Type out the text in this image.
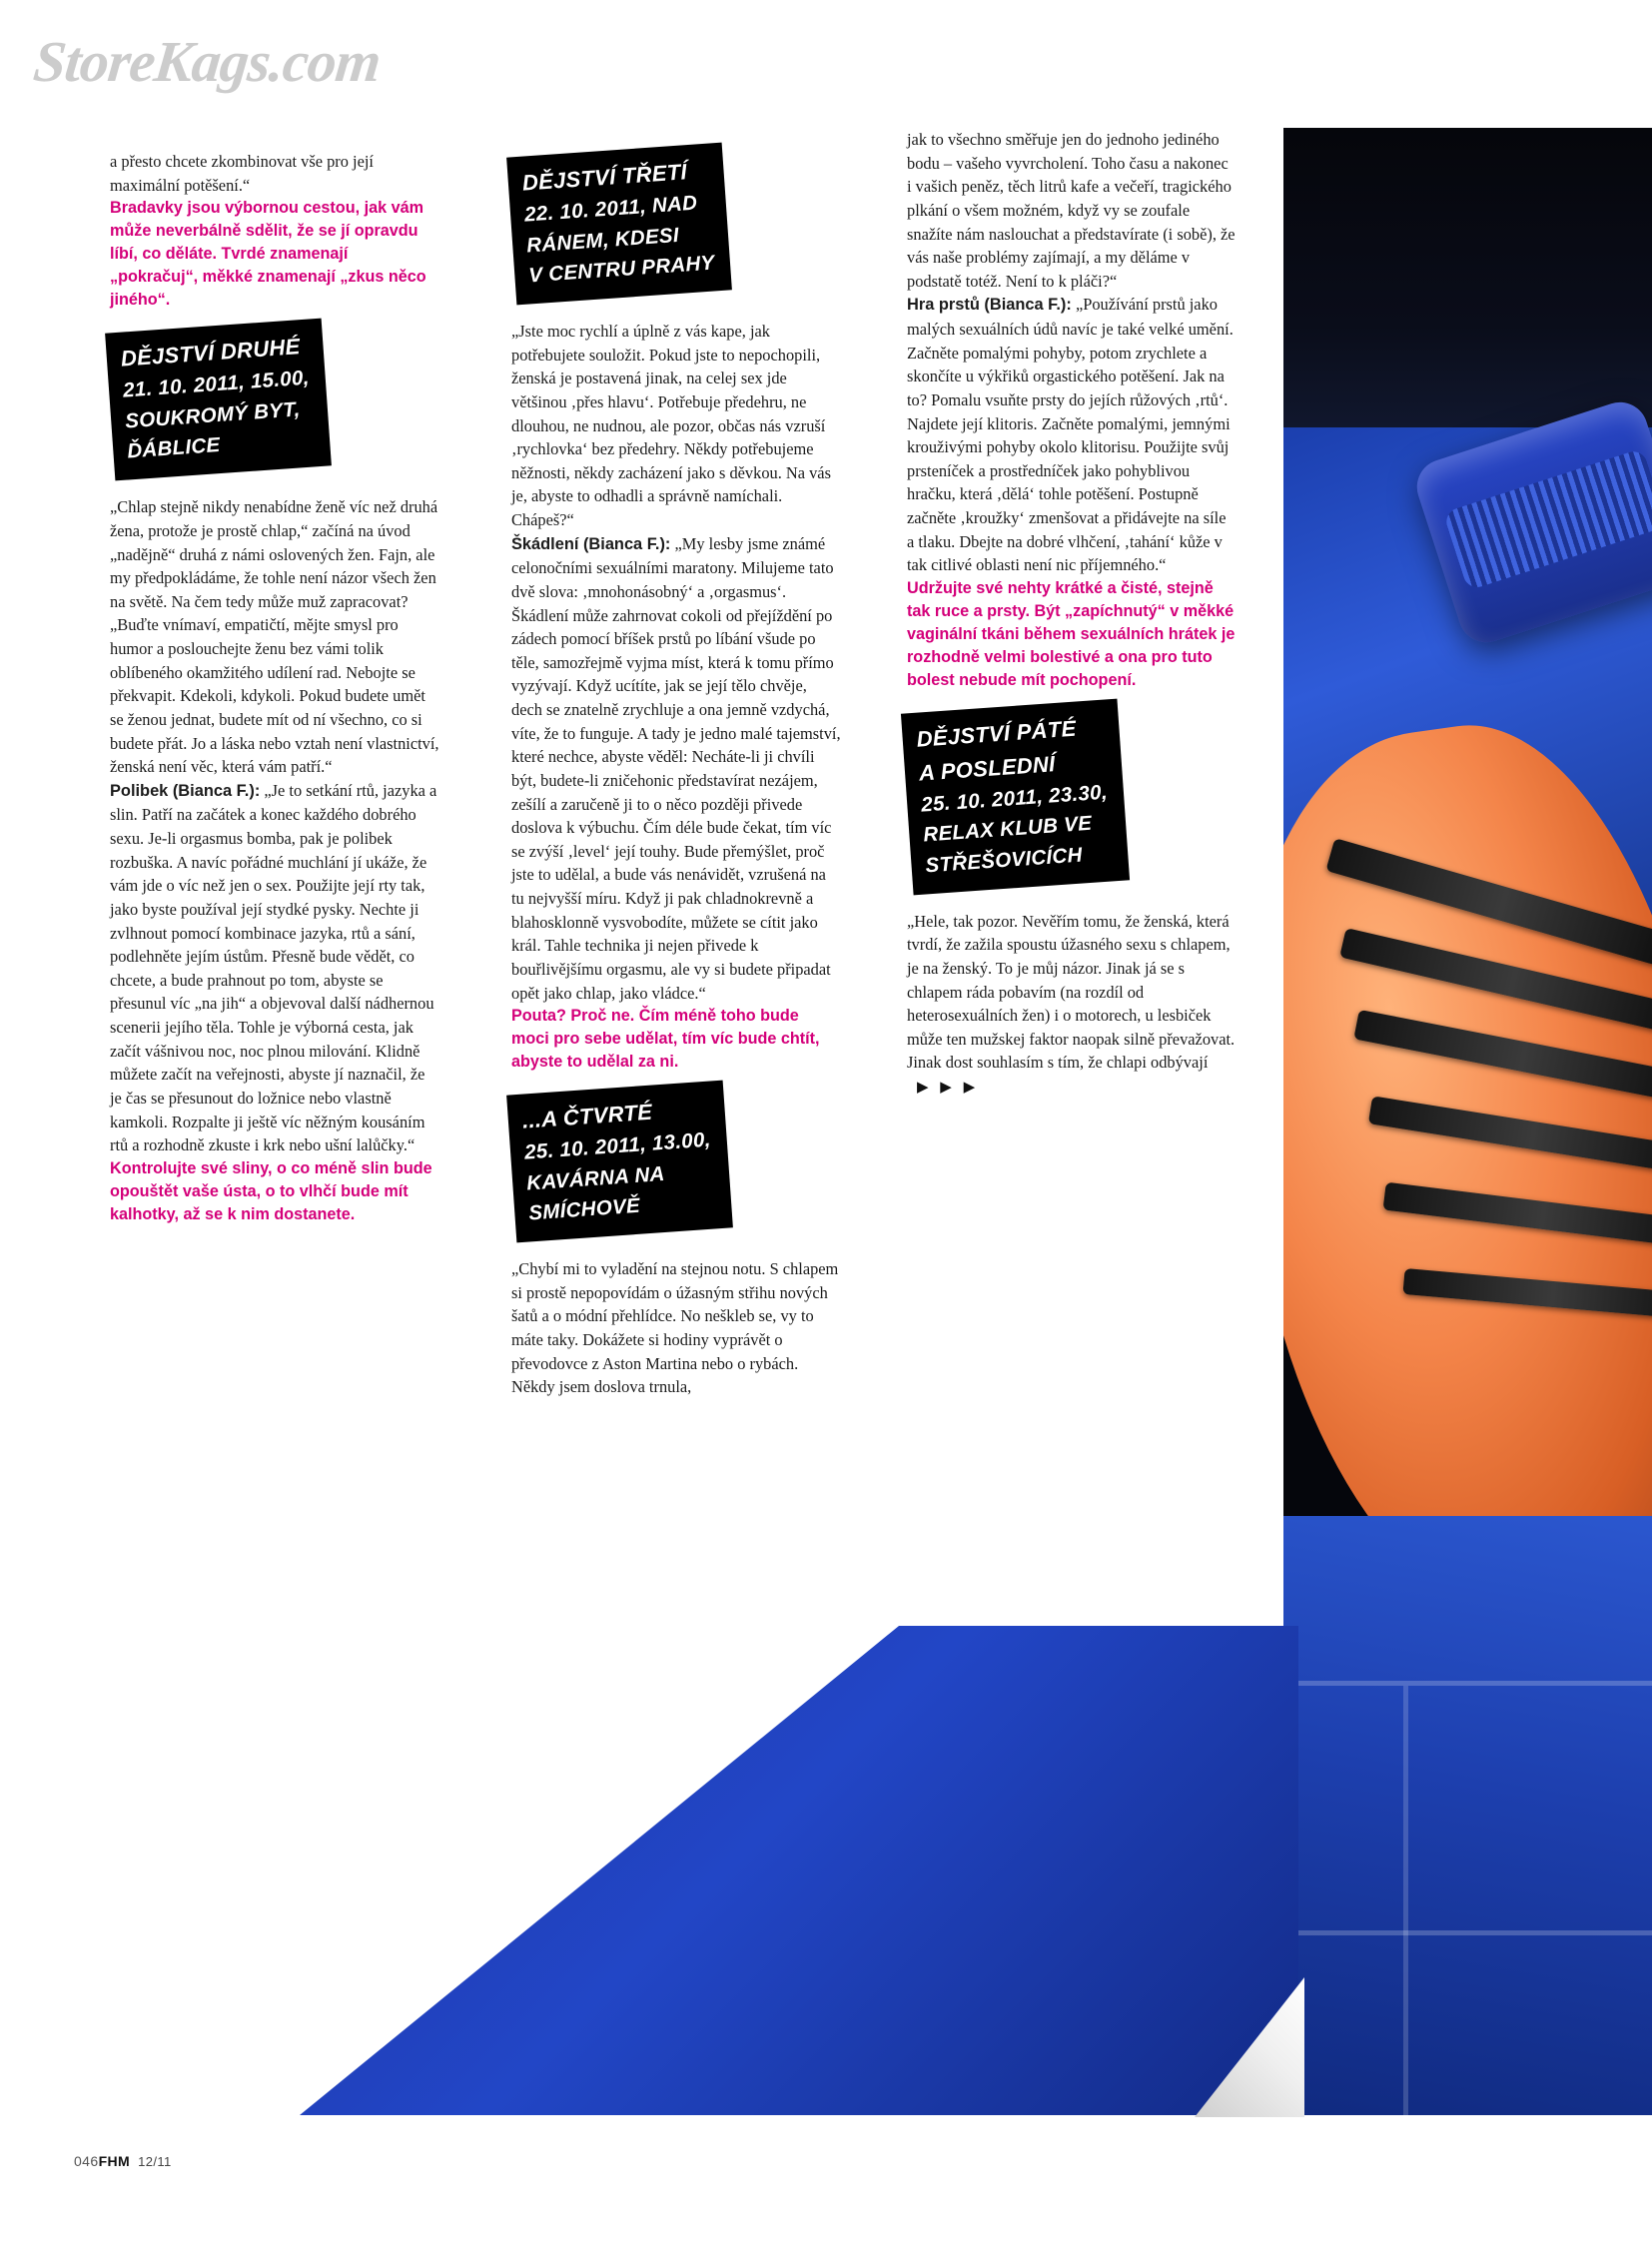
StoreKags.com

a přesto chcete zkombinovat vše pro její maximální potěšení.“

Bradavky jsou výbornou cestou, jak vám může neverbálně sdělit, že se jí opravdu líbí, co děláte. Tvrdé znamenají „pokračuj“, měkké znamenají „zkus něco jiného“.

DĚJSTVÍ DRUHÉ
21. 10. 2011, 15.00,
SOUKROMÝ BYT,
ĎÁBLICE

„Chlap stejně nikdy nenabídne ženě víc než druhá žena, protože je prostě chlap,“ začíná na úvod „nadějně“ druhá z námi oslovených žen. Fajn, ale my předpokládáme, že tohle není názor všech žen na světě. Na čem tedy může muž zapracovat? „Buďte vnímaví, empatičtí, mějte smysl pro humor a poslouchejte ženu bez vámi tolik oblíbeného okamžitého udílení rad. Nebojte se překvapit. Kdekoli, kdykoli. Pokud budete umět se ženou jednat, budete mít od ní všechno, co si budete přát. Jo a láska nebo vztah není vlastnictví, ženská není věc, která vám patří.“

Polibek (Bianca F.): „Je to setkání rtů, jazyka a slin. Patří na začátek a konec každého dobrého sexu. Je-li orgasmus bomba, pak je polibek rozbuška. A navíc pořádné muchlání jí ukáže, že vám jde o víc než jen o sex. Použijte její rty tak, jako byste používal její stydké pysky. Nechte ji zvlhnout pomocí kombinace jazyka, rtů a sání, podlehněte jejím ústům. Přesně bude vědět, co chcete, a bude prahnout po tom, abyste se přesunul víc „na jih“ a objevoval další nádhernou scenerii jejího těla. Tohle je výborná cesta, jak začít vášnivou noc, noc plnou milování. Klidně můžete začít na veřejnosti, abyste jí naznačil, že je čas se přesunout do ložnice nebo vlastně kamkoli. Rozpalte ji ještě víc něžným kousáním rtů a rozhodně zkuste i krk nebo ušní lalůčky.“

Kontrolujte své sliny, o co méně slin bude opouštět vaše ústa, o to vlhčí bude mít kalhotky, až se k nim dostanete.

DĚJSTVÍ TŘETÍ
22. 10. 2011, NAD
RÁNEM, KDESI
V CENTRU PRAHY

„Jste moc rychlí a úplně z vás kape, jak potřebujete souložit. Pokud jste to nepochopili, ženská je postavená jinak, na celej sex jde většinou ‚přes hlavu‘. Potřebuje předehru, ne dlouhou, ne nudnou, ale pozor, občas nás vzruší ‚rychlovka‘ bez předehry. Někdy potřebujeme něžnosti, někdy zacházení jako s děvkou. Na vás je, abyste to odhadli a správně namíchali. Chápeš?“

Škádlení (Bianca F.): „My lesby jsme známé celonočními sexuálními maratony. Milujeme tato dvě slova: ‚mnohonásobný‘ a ‚orgasmus‘. Škádlení může zahrnovat cokoli od přejíždění po zádech pomocí bříšek prstů po líbání všude po těle, samozřejmě vyjma míst, která k tomu přímo vyzývají. Když ucítíte, jak se její tělo chvěje, dech se znatelně zrychluje a ona jemně vzdychá, víte, že to funguje. A tady je jedno malé tajemství, které nechce, abyste věděl: Necháte-li ji chvíli být, budete-li zničehonic představírat nezájem, zešílí a zaručeně ji to o něco později přivede doslova k výbuchu. Čím déle bude čekat, tím víc se zvýší ‚level‘ její touhy. Bude přemýšlet, proč jste to udělal, a bude vás nenávidět, vzrušená na tu nejvyšší míru. Když ji pak chladnokrevně a blahosklonně vysvobodíte, můžete se cítit jako král. Tahle technika ji nejen přivede k bouřlivějšímu orgasmu, ale vy si budete připadat opět jako chlap, jako vládce.“

Pouta? Proč ne. Čím méně toho bude moci pro sebe udělat, tím víc bude chtít, abyste to udělal za ni.

...A ČTVRTÉ
25. 10. 2011, 13.00,
KAVÁRNA NA
SMÍCHOVĚ

„Chybí mi to vyladění na stejnou notu. S chlapem si prostě nepopovídám o úžasným střihu nových šatů a o módní přehlídce. No neškleb se, vy to máte taky. Dokážete si hodiny vyprávět o převodovce z Aston Martina nebo o rybách. Někdy jsem doslova trnula,

jak to všechno směřuje jen do jednoho jediného bodu – vašeho vyvrcholení. Toho času a nakonec i vašich peněz, těch litrů kafe a večeří, tragického plkání o všem možném, když vy se zoufale snažíte nám naslouchat a představírate (i sobě), že vás naše problémy zajímají, a my děláme v podstatě totéž. Není to k pláči?“

Hra prstů (Bianca F.): „Používání prstů jako malých sexuálních údů navíc je také velké umění. Začněte pomalými pohyby, potom zrychlete a skončíte u výkřiků orgastického potěšení. Jak na to? Pomalu vsuňte prsty do jejích růžových ‚rtů‘. Najdete její klitoris. Začněte pomalými, jemnými krouživými pohyby okolo klitorisu. Použijte svůj prsteníček a prostředníček jako pohyblivou hračku, která ‚dělá‘ tohle potěšení. Postupně začněte ‚kroužky‘ zmenšovat a přidávejte na síle a tlaku. Dbejte na dobré vlhčení, ‚tahání‘ kůže v tak citlivé oblasti není nic příjemného.“

Udržujte své nehty krátké a čisté, stejně tak ruce a prsty. Být „zapíchnutý“ v měkké vaginální tkáni během sexuálních hrátek je rozhodně velmi bolestivé a ona pro tuto bolest nebude mít pochopení.

DĚJSTVÍ PÁTÉ
A POSLEDNÍ
25. 10. 2011, 23.30,
RELAX KLUB VE
STŘEŠOVICÍCH

„Hele, tak pozor. Nevěřím tomu, že ženská, která tvrdí, že zažila spoustu úžasného sexu s chlapem, je na ženský. To je můj názor. Jinak já se s chlapem ráda pobavím (na rozdíl od heterosexuálních žen) i o motorech, u lesbiček může ten mužskej faktor naopak silně převažovat. Jinak dost souhlasím s tím, že chlapi odbývají▶ ▶ ▶

046FHM 12/11
